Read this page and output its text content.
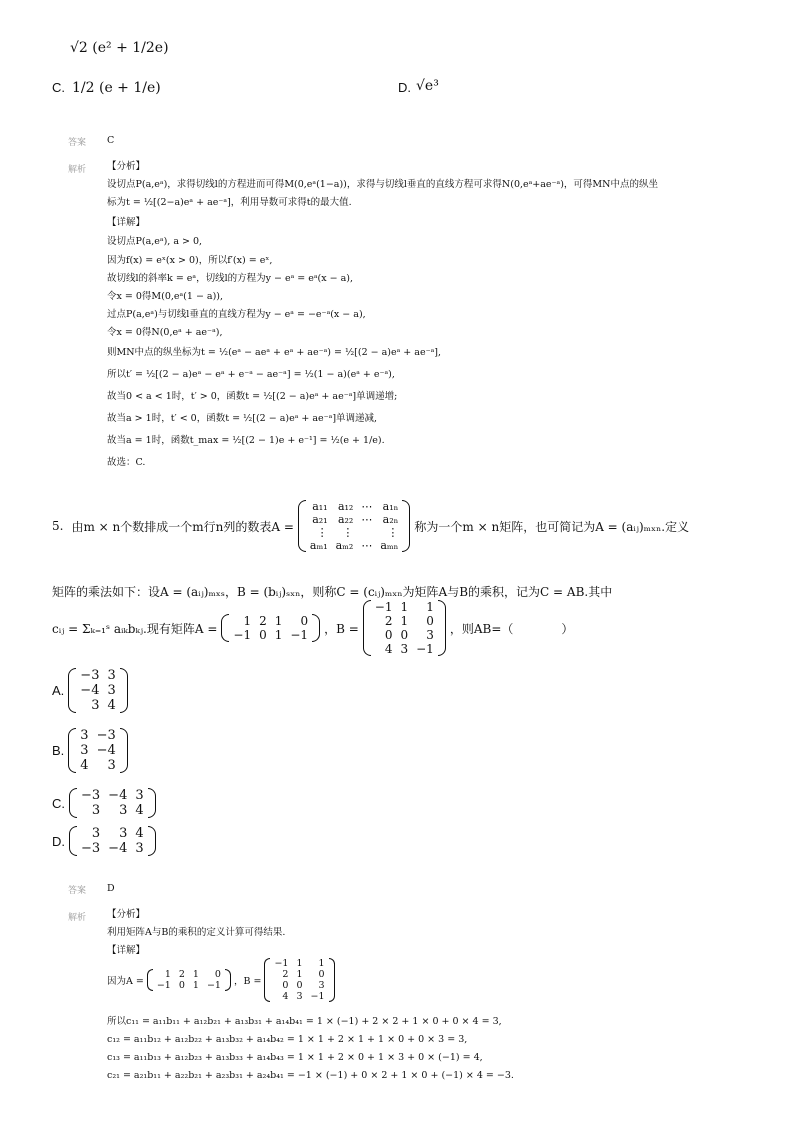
√2 (e² + 1/2e)
C. 1/2 (e + 1/e)	D. √e³
答案 C
解析 【分析】
设切点P(a,eᵃ)，求得切线l的方程进而可得M(0,eᵃ(1−a))，求得与切线l垂直的直线方程可求得N(0,eᵃ+ae⁻ᵃ)，可得MN中点的纵坐
标为t = ½[(2−a)eᵃ + ae⁻ᵃ]，利用导数可求得t的最大值.
【详解】
设切点P(a,eᵃ), a > 0,
因为f(x) = eˣ(x > 0)，所以f′(x) = eˣ,
故切线l的斜率k = eᵃ，切线l的方程为y − eᵃ = eᵃ(x − a),
令x = 0得M(0,eᵃ(1 − a)),
过点P(a,eᵃ)与切线l垂直的直线方程为y − eᵃ = −e⁻ᵃ(x − a),
令x = 0得N(0,eᵃ + ae⁻ᵃ),
则MN中点的纵坐标为t = ½(eᵃ − aeᵃ + eᵃ + ae⁻ᵃ) = ½[(2 − a)eᵃ + ae⁻ᵃ],
所以t′ = ½[(2 − a)eᵃ − eᵃ + e⁻ᵃ − ae⁻ᵃ] = ½(1 − a)(eᵃ + e⁻ᵃ),
故当0 < a < 1时，t′ > 0，函数t = ½[(2 − a)eᵃ + ae⁻ᵃ]单调递增;
故当a > 1时，t′ < 0，函数t = ½[(2 − a)eᵃ + ae⁻ᵃ]单调递减,
故当a = 1时，函数t_max = ½[(2 − 1)e + e⁻¹] = ½(e + 1/e).
故选：C.
5. 由m × n个数排成一个m行n列的数表A =
a₁₁	a₁₂	⋯	a₁ₙ
a₂₁	a₂₂	⋯	a₂ₙ
⋮	⋮		⋮
aₘ₁	aₘ₂	⋯	aₘₙ
称为一个m × n矩阵，也可简记为A = (aᵢⱼ)ₘₓₙ.定义
矩阵的乘法如下：设A = (aᵢⱼ)ₘₓₛ，B = (bᵢⱼ)ₛₓₙ，则称C = (cᵢⱼ)ₘₓₙ为矩阵A与B的乘积，记为C = AB.其中
cᵢⱼ = Σₖ₌₁ˢ aᵢₖbₖⱼ.现有矩阵A =
1	2	1	0
−1	0	1	−1 ，B =
−1	1	1
2	1	0
0	0	3
4	3	−1
，则AB=（　　　　）
A.
−3	3
−4	3
3	4
B.
3	−3
3	−4
4	3
C. −3	−4	3
3	3	4
D. 3	3	4
−3	−4	3
答案 D
解析 【分析】
利用矩阵A与B的乘积的定义计算可得结果.
【详解】
因为A =
1	2	1	0
−1	0	1	−1 ，B =
−1	1	1
2	1	0
0	0	3
4	3	−1
所以c₁₁ = a₁₁b₁₁ + a₁₂b₂₁ + a₁₃b₃₁ + a₁₄b₄₁ = 1 × (−1) + 2 × 2 + 1 × 0 + 0 × 4 = 3,
c₁₂ = a₁₁b₁₂ + a₁₂b₂₂ + a₁₃b₃₂ + a₁₄b₄₂ = 1 × 1 + 2 × 1 + 1 × 0 + 0 × 3 = 3,
c₁₃ = a₁₁b₁₃ + a₁₂b₂₃ + a₁₃b₃₃ + a₁₄b₄₃ = 1 × 1 + 2 × 0 + 1 × 3 + 0 × (−1) = 4,
c₂₁ = a₂₁b₁₁ + a₂₂b₂₁ + a₂₃b₃₁ + a₂₄b₄₁ = −1 × (−1) + 0 × 2 + 1 × 0 + (−1) × 4 = −3.
